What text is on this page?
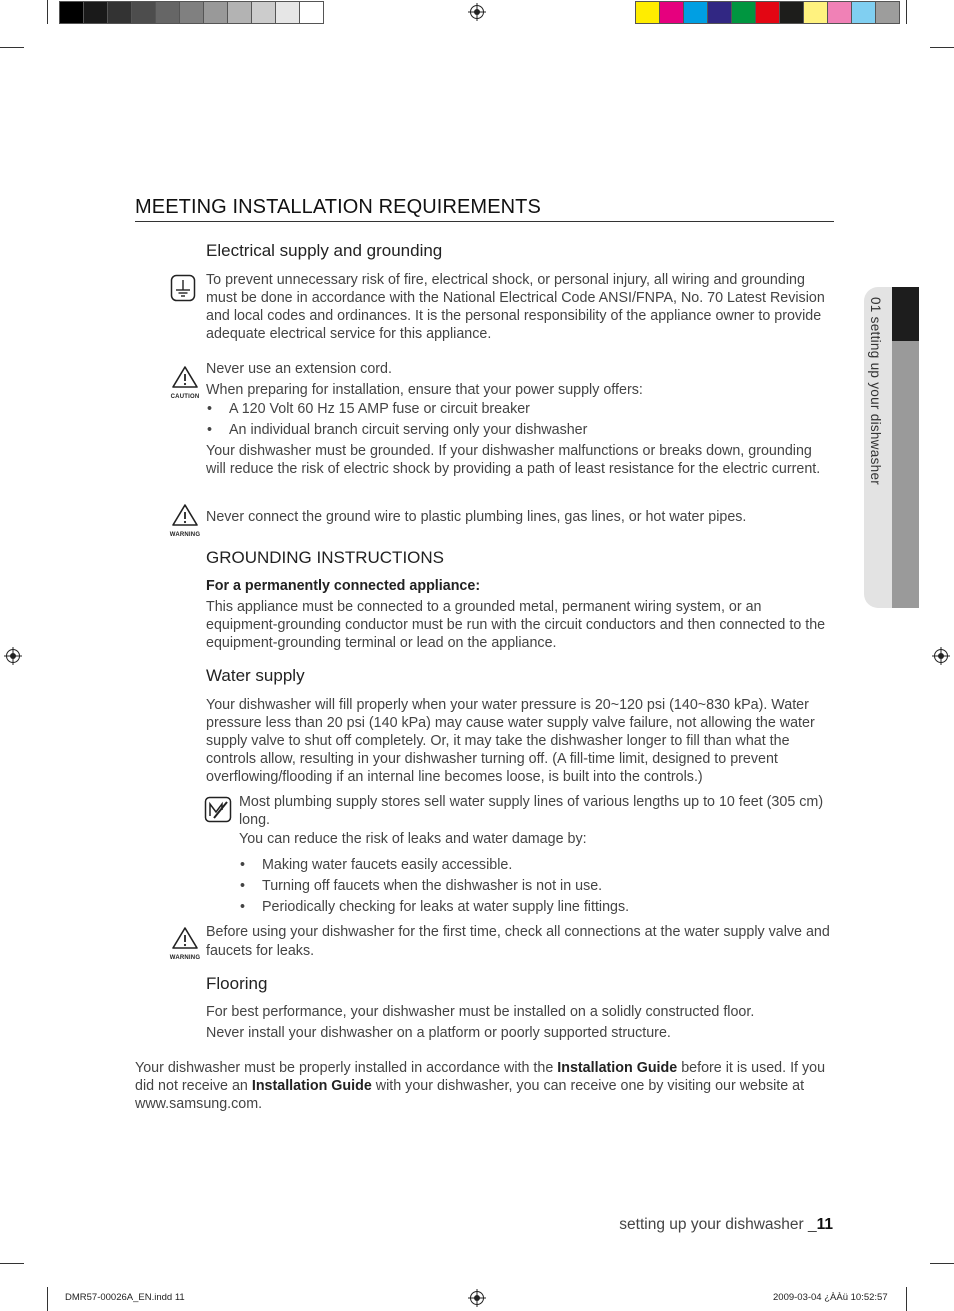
01 setting up your dishwasher
MEETING INSTALLATION REQUIREMENTS
Electrical supply and grounding
To prevent unnecessary risk of fire, electrical shock, or personal injury, all wiring and grounding must be done in accordance with the National Electrical Code ANSI/FNPA, No. 70 Latest Revision and local codes and ordinances. It is the personal responsibility of the appliance owner to provide adequate electrical service for this appliance.
CAUTION
Never use an extension cord.
When preparing for installation, ensure that your power supply offers:
• A 120 Volt 60 Hz 15 AMP fuse or circuit breaker
• An individual branch circuit serving only your dishwasher
Your dishwasher must be grounded. If your dishwasher malfunctions or breaks down, grounding will reduce the risk of electric shock by providing a path of least resistance for the electric current.
WARNING
Never connect the ground wire to plastic plumbing lines, gas lines, or hot water pipes.
GROUNDING INSTRUCTIONS
For a permanently connected appliance:
This appliance must be connected to a grounded metal, permanent wiring system, or an equipment-grounding conductor must be run with the circuit conductors and then connected to the equipment-grounding terminal or lead on the appliance.
Water supply
Your dishwasher will fill properly when your water pressure is 20~120 psi (140~830 kPa). Water pressure less than 20 psi (140 kPa) may cause water supply valve failure, not allowing the water supply valve to shut off completely. Or, it may take the dishwasher longer to fill than what the controls allow, resulting in your dishwasher turning off. (A fill-time limit, designed to prevent overflowing/flooding if an internal line becomes loose, is built into the controls.)
Most plumbing supply stores sell water supply lines of various lengths up to 10 feet (305 cm) long.
You can reduce the risk of leaks and water damage by:
• Making water faucets easily accessible.
• Turning off faucets when the dishwasher is not in use.
• Periodically checking for leaks at water supply line fittings.
WARNING
Before using your dishwasher for the first time, check all connections at the water supply valve and faucets for leaks.
Flooring
For best performance, your dishwasher must be installed on a solidly constructed floor.
Never install your dishwasher on a platform or poorly supported structure.
Your dishwasher must be properly installed in accordance with the Installation Guide before it is used. If you did not receive an Installation Guide with your dishwasher, you can receive one by visiting our website at www.samsung.com.
setting up your dishwasher _11
DMR57-00026A_EN.indd 11	2009-03-04 ¿ÀÀü 10:52:57
